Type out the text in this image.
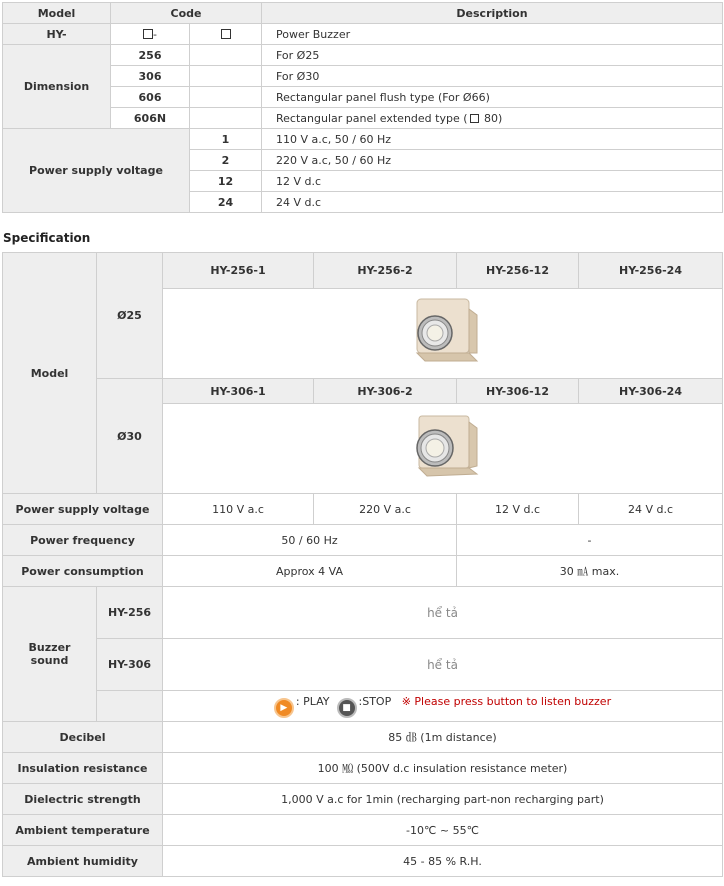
Model	Code		Description
HY-	-		Power Buzzer
Dimension	256		For Ø25
	306		For Ø30
	606		Rectangular panel flush type (For Ø66)
	606N		Rectangular panel extended type ( 80)
Power supply voltage		1	110 V a.c, 50 / 60 Hz
		2	220 V a.c, 50 / 60 Hz
		12	12 V d.c
		24	24 V d.c
Specification
Model	Ø25	HY-256-1	HY-256-2	HY-256-12	HY-256-24

	Ø30	HY-306-1	HY-306-2	HY-306-12	HY-306-24

Power supply voltage		110 V a.c	220 V a.c	12 V d.c	24 V d.c
Power frequency		50 / 60 Hz		-	
Power consumption		Approx 4 VA		30 ㎃ max.	
Buzzer
sound	HY-256	hể tả			
	HY-306	hể tả			
		▶ : PLAY ■ :STOP ※ Please press button to listen buzzer			
Decibel		85 ㏈ (1m distance)			
Insulation resistance		100 ㏁ (500V d.c insulation resistance meter)			
Dielectric strength		1,000 V a.c for 1min (recharging part-non recharging part)			
Ambient temperature		-10℃ ~ 55℃			
Ambient humidity		45 - 85 % R.H.			
